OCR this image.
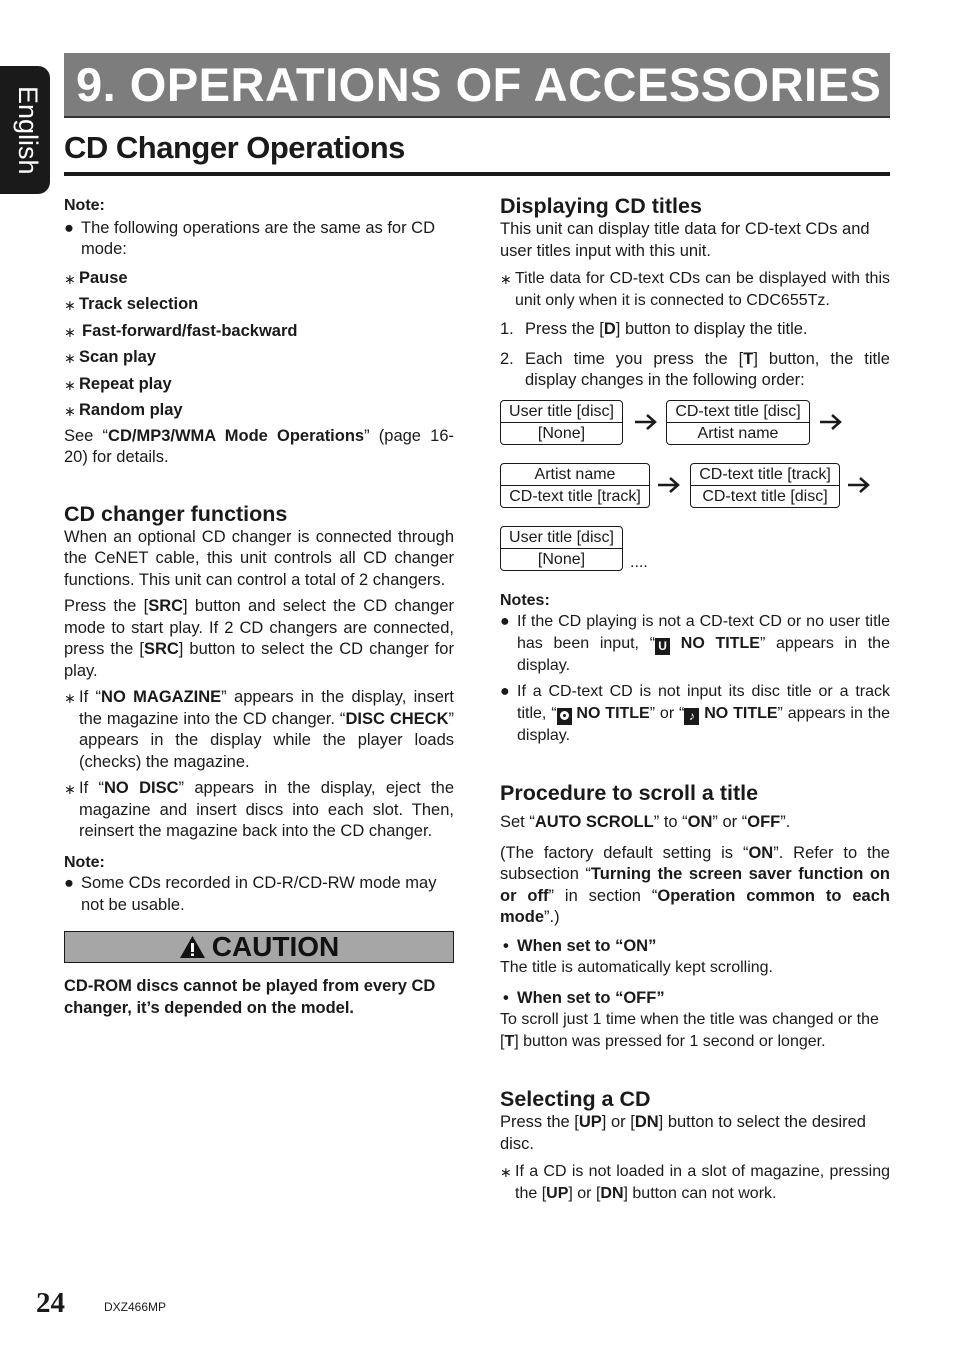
English
9. OPERATIONS OF ACCESSORIES
CD Changer Operations
Note:
● The following operations are the same as for CD mode:
∗ Pause
∗ Track selection
∗ Fast-forward/fast-backward
∗ Scan play
∗ Repeat play
∗ Random play
See “CD/MP3/WMA Mode Operations” (page 16-20) for details.
CD changer functions
When an optional CD changer is connected through the CeNET cable, this unit controls all CD changer functions. This unit can control a total of 2 changers.
Press the [SRC] button and select the CD changer mode to start play. If 2 CD changers are connected, press the [SRC] button to select the CD changer for play.
∗ If “NO MAGAZINE” appears in the display, insert the magazine into the CD changer. “DISC CHECK” appears in the display while the player loads (checks) the magazine.
∗ If “NO DISC” appears in the display, eject the magazine and insert discs into each slot. Then, reinsert the magazine back into the CD changer.
Note:
● Some CDs recorded in CD-R/CD-RW mode may not be usable.
CAUTION
CD-ROM discs cannot be played from every CD changer, it’s depended on the model.
Displaying CD titles
This unit can display title data for CD-text CDs and user titles input with this unit.
∗ Title data for CD-text CDs can be displayed with this unit only when it is connected to CDC655Tz.
1. Press the [D] button to display the title.
2. Each time you press the [T] button, the title display changes in the following order:
User title [disc]
[None]
CD-text title [disc]
Artist name
Artist name
CD-text title [track]
CD-text title [track]
CD-text title [disc]
User title [disc]
[None]	....
Notes:
● If the CD playing is not a CD-text CD or no user title has been input, “ U NO TITLE” appears in the display.
● If a CD-text CD is not input its disc title or a track title, “ NO TITLE” or “ ♪ NO TITLE” appears in the display.
Procedure to scroll a title
Set “AUTO SCROLL” to “ON” or “OFF”.
(The factory default setting is “ON”. Refer to the subsection “Turning the screen saver function on or off” in section “Operation common to each mode”.)
• When set to “ON”
The title is automatically kept scrolling.
• When set to “OFF”
To scroll just 1 time when the title was changed or the [T] button was pressed for 1 second or longer.
Selecting a CD
Press the [UP] or [DN] button to select the desired disc.
∗ If a CD is not loaded in a slot of magazine, pressing the [UP] or [DN] button can not work.
24	DXZ466MP
